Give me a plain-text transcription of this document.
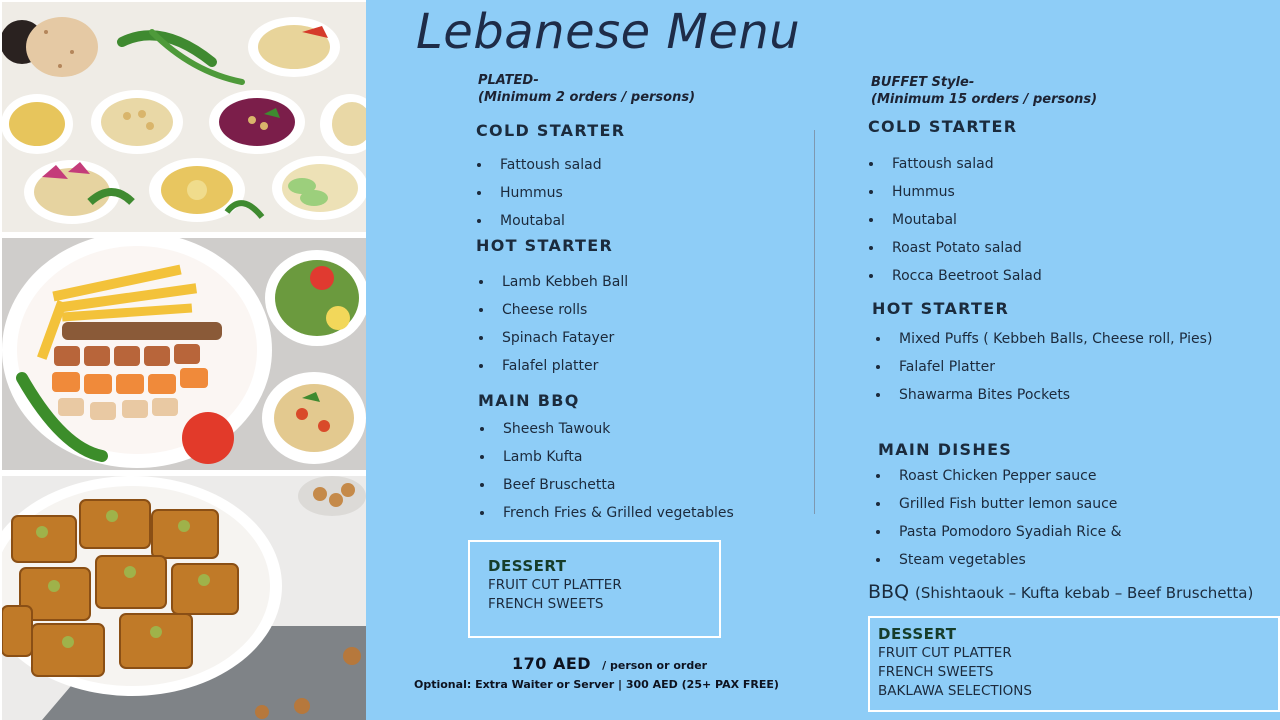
Lebanese Menu
PLATED-
(Minimum 2 orders / persons)
COLD STARTER
Fattoush salad
Hummus
Moutabal
HOT STARTER
Lamb Kebbeh Ball
Cheese rolls
Spinach Fatayer
Falafel platter
MAIN BBQ
Sheesh Tawouk
Lamb Kufta
Beef Bruschetta
French Fries & Grilled vegetables
DESSERT
FRUIT CUT PLATTER
FRENCH SWEETS
170 AED / person or order
Optional: Extra Waiter or Server | 300 AED (25+ PAX FREE)
BUFFET Style-
(Minimum 15 orders / persons)
COLD STARTER
Fattoush salad
Hummus
Moutabal
Roast Potato salad
Rocca Beetroot Salad
HOT STARTER
Mixed Puffs ( Kebbeh Balls, Cheese roll, Pies)
Falafel Platter
Shawarma Bites Pockets
MAIN DISHES
Roast Chicken Pepper sauce
Grilled Fish butter lemon sauce
Pasta Pomodoro Syadiah Rice &
Steam vegetables
BBQ (Shishtaouk – Kufta kebab – Beef Bruschetta)
DESSERT
FRUIT CUT PLATTER
FRENCH SWEETS
BAKLAWA SELECTIONS
